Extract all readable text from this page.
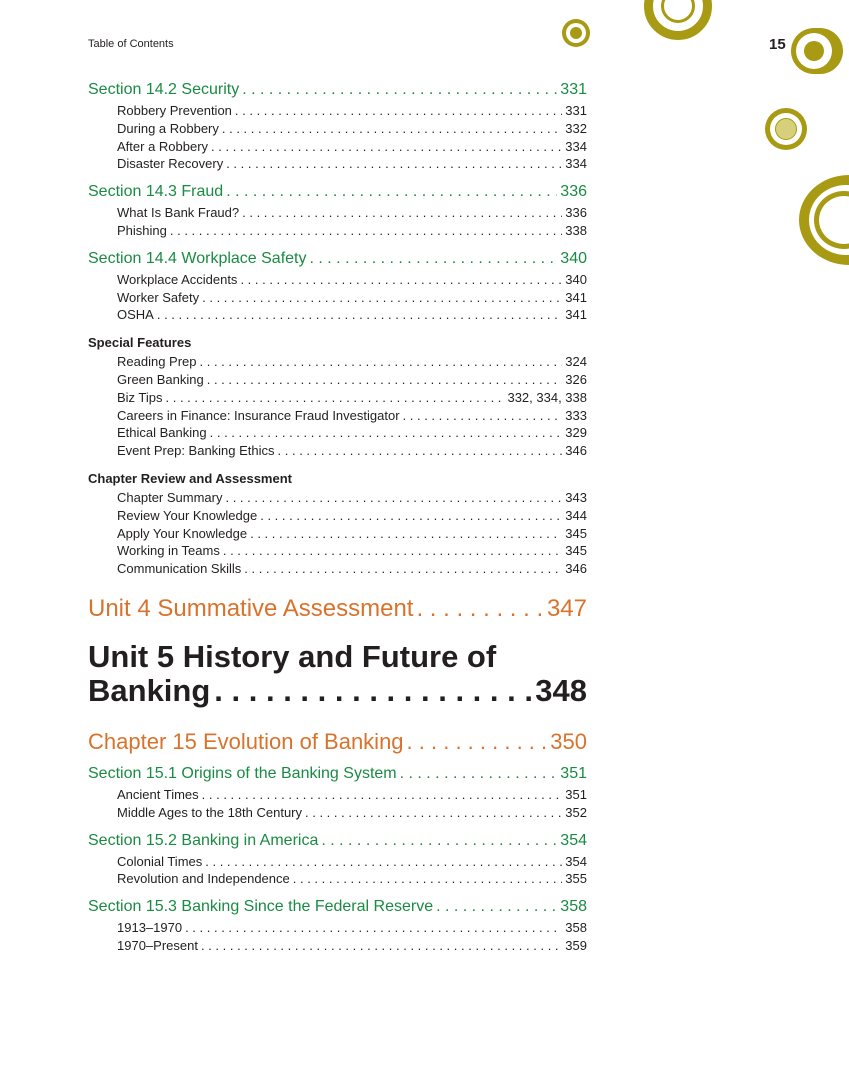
Table of Contents	15
Section 14.2 Security . . .	331
Robbery Prevention . . .	331
During a Robbery . . .	332
After a Robbery . . .	334
Disaster Recovery . . .	334
Section 14.3 Fraud . . .	336
What Is Bank Fraud? . . .	336
Phishing . . .	338
Section 14.4 Workplace Safety . . .	340
Workplace Accidents . . .	340
Worker Safety . . .	341
OSHA . . .	341
Special Features
Reading Prep . . .	324
Green Banking . . .	326
Biz Tips . . .	332, 334, 338
Careers in Finance: Insurance Fraud Investigator . . .	333
Ethical Banking . . .	329
Event Prep: Banking Ethics . . .	346
Chapter Review and Assessment
Chapter Summary . . .	343
Review Your Knowledge . . .	344
Apply Your Knowledge . . .	345
Working in Teams . . .	345
Communication Skills . . .	346
Unit 4 Summative Assessment . . .	347
Unit 5 History and Future of
Banking . . .	348
Chapter 15 Evolution of Banking . . .	350
Section 15.1 Origins of the Banking System . . .	351
Ancient Times . . .	351
Middle Ages to the 18th Century . . .	352
Section 15.2 Banking in America . . .	354
Colonial Times . . .	354
Revolution and Independence . . .	355
Section 15.3 Banking Since the Federal Reserve . . .	358
1913–1970 . . .	358
1970–Present . . .	359
